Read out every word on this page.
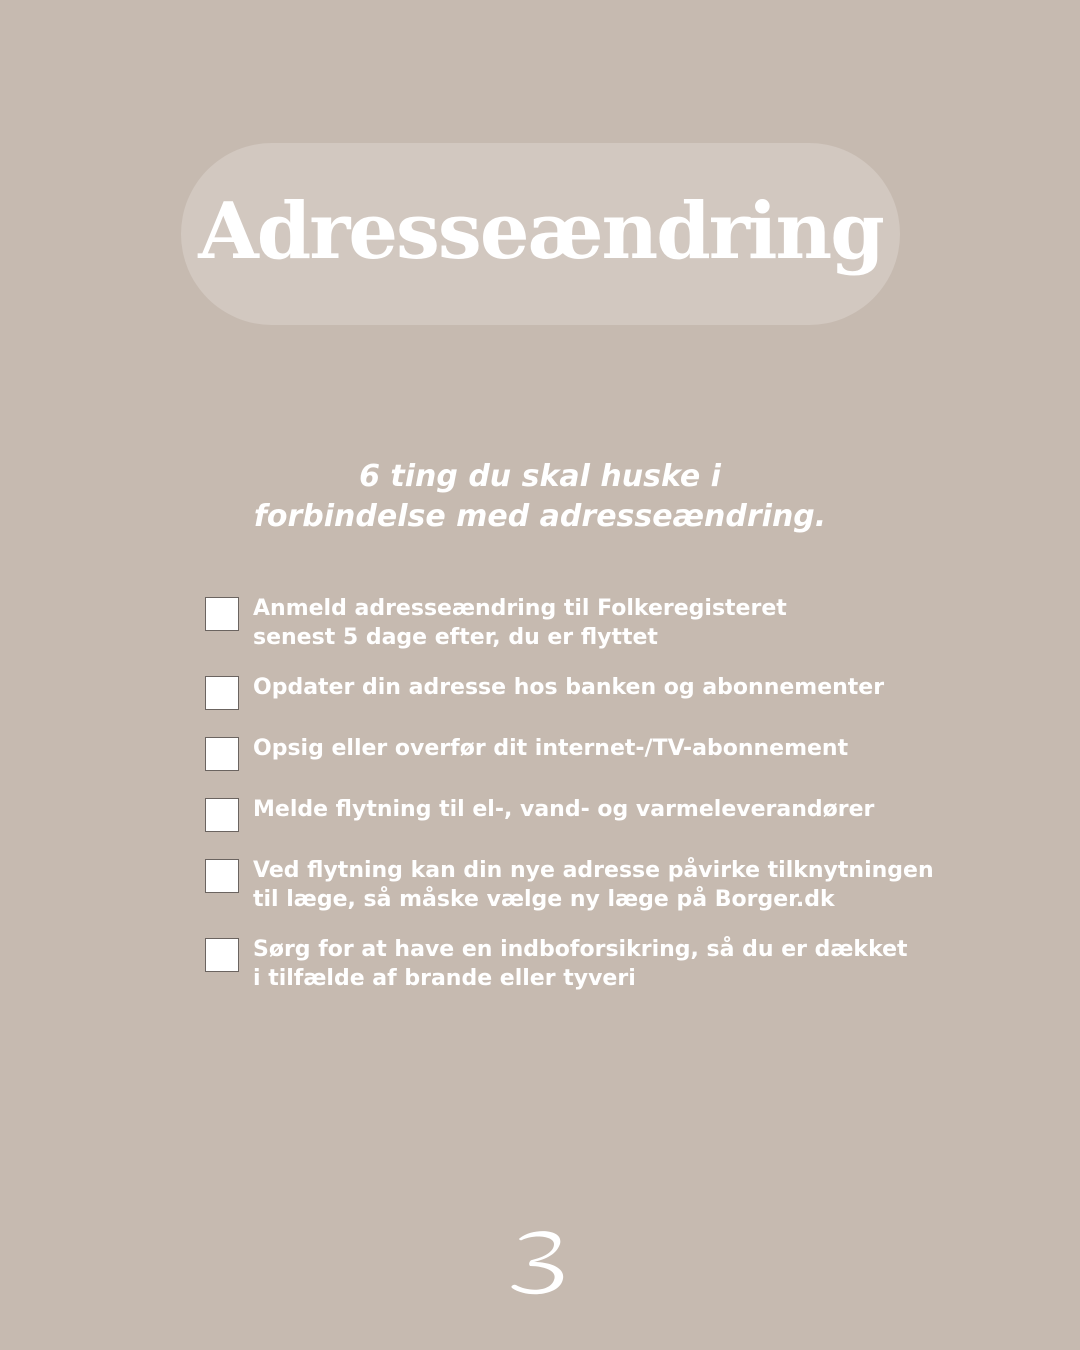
Adresseændring
6 ting du skal huske i
forbindelse med adresseændring.
Anmeld adresseændring til Folkeregisteret
senest 5 dage efter, du er flyttet
Opdater din adresse hos banken og abonnementer
Opsig eller overfør dit internet-/TV-abonnement
Melde flytning til el-, vand- og varmeleverandører
Ved flytning kan din nye adresse påvirke tilknytningen
til læge, så måske vælge ny læge på Borger.dk
Sørg for at have en indboforsikring, så du er dækket
i tilfælde af brande eller tyveri
